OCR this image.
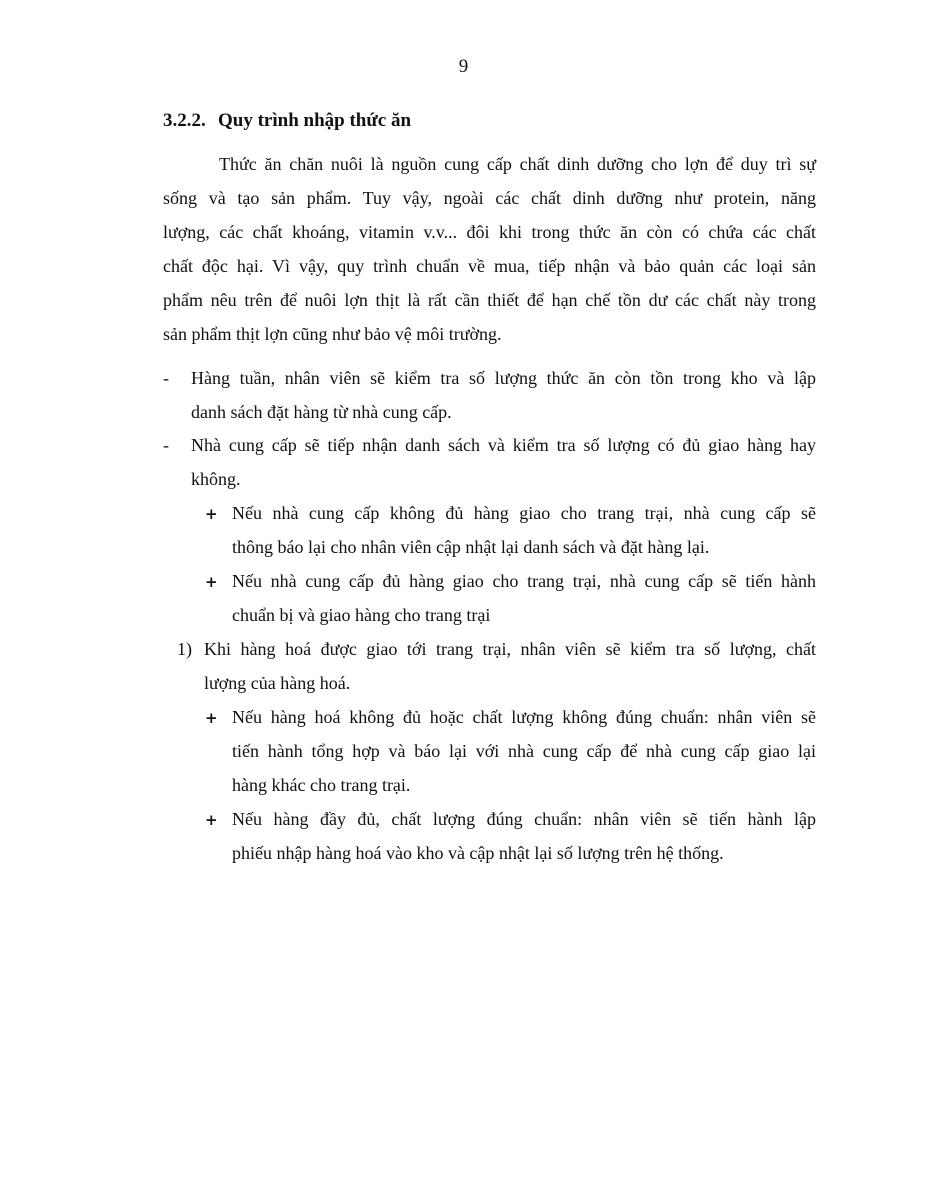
9
3.2.2. Quy trình nhập thức ăn
Thức ăn chăn nuôi là nguồn cung cấp chất dinh dưỡng cho lợn để duy trì sự
sống và tạo sản phẩm. Tuy vậy, ngoài các chất dinh dưỡng như protein, năng
lượng, các chất khoáng, vitamin v.v... đôi khi trong thức ăn còn có chứa các chất
chất độc hại. Vì vậy, quy trình chuẩn về mua, tiếp nhận và bảo quản các loại sản
phẩm nêu trên để nuôi lợn thịt là rất cần thiết để hạn chế tồn dư các chất này trong
sản phẩm thịt lợn cũng như bảo vệ môi trường.
- Hàng tuần, nhân viên sẽ kiểm tra số lượng thức ăn còn tồn trong kho và lập
danh sách đặt hàng từ nhà cung cấp.
- Nhà cung cấp sẽ tiếp nhận danh sách và kiểm tra số lượng có đủ giao hàng hay
không.
+ Nếu nhà cung cấp không đủ hàng giao cho trang trại, nhà cung cấp sẽ
thông báo lại cho nhân viên cập nhật lại danh sách và đặt hàng lại.
+ Nếu nhà cung cấp đủ hàng giao cho trang trại, nhà cung cấp sẽ tiến hành
chuẩn bị và giao hàng cho trang trại
1) Khi hàng hoá được giao tới trang trại, nhân viên sẽ kiểm tra số lượng, chất
lượng của hàng hoá.
+ Nếu hàng hoá không đủ hoặc chất lượng không đúng chuẩn: nhân viên sẽ
tiến hành tổng hợp và báo lại với nhà cung cấp để nhà cung cấp giao lại
hàng khác cho trang trại.
+ Nếu hàng đầy đủ, chất lượng đúng chuẩn: nhân viên sẽ tiến hành lập
phiếu nhập hàng hoá vào kho và cập nhật lại số lượng trên hệ thống.
